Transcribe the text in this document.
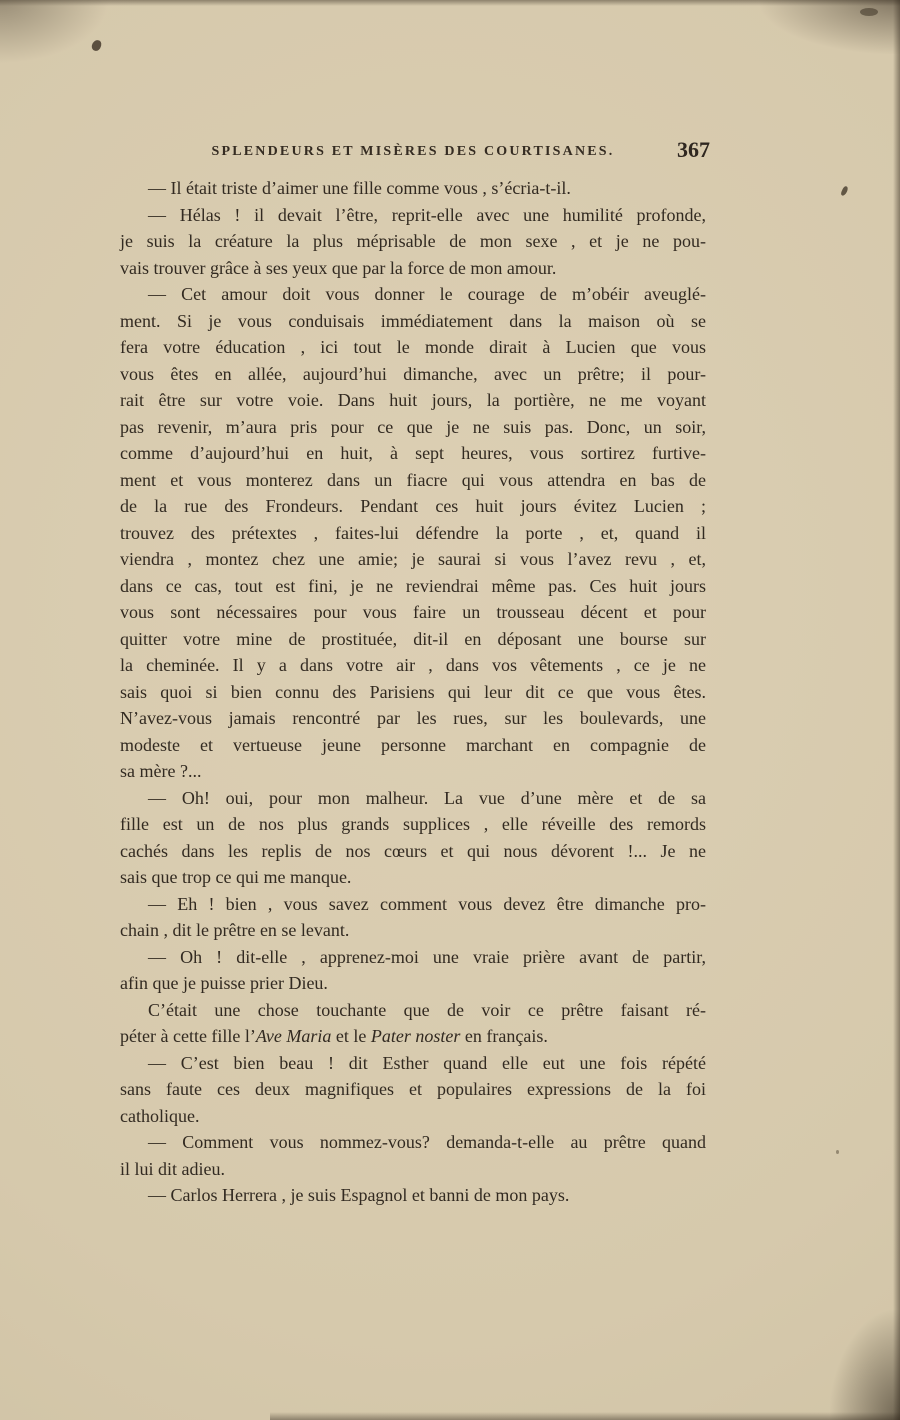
SPLENDEURS ET MISÈRES DES COURTISANES.	367
— Il était triste d’aimer une fille comme vous , s’écria-t-il.
— Hélas ! il devait l’être, reprit-elle avec une humilité profonde,
je suis la créature la plus méprisable de mon sexe , et je ne pou-
vais trouver grâce à ses yeux que par la force de mon amour.
— Cet amour doit vous donner le courage de m’obéir aveuglé-
ment. Si je vous conduisais immédiatement dans la maison où se
fera votre éducation , ici tout le monde dirait à Lucien que vous
vous êtes en allée, aujourd’hui dimanche, avec un prêtre; il pour-
rait être sur votre voie. Dans huit jours, la portière, ne me voyant
pas revenir, m’aura pris pour ce que je ne suis pas. Donc, un soir,
comme d’aujourd’hui en huit, à sept heures, vous sortirez furtive-
ment et vous monterez dans un fiacre qui vous attendra en bas de
de la rue des Frondeurs. Pendant ces huit jours évitez Lucien ;
trouvez des prétextes , faites-lui défendre la porte , et, quand il
viendra , montez chez une amie; je saurai si vous l’avez revu , et,
dans ce cas, tout est fini, je ne reviendrai même pas. Ces huit jours
vous sont nécessaires pour vous faire un trousseau décent et pour
quitter votre mine de prostituée, dit-il en déposant une bourse sur
la cheminée. Il y a dans votre air , dans vos vêtements , ce je ne
sais quoi si bien connu des Parisiens qui leur dit ce que vous êtes.
N’avez-vous jamais rencontré par les rues, sur les boulevards, une
modeste et vertueuse jeune personne marchant en compagnie de
sa mère ?...
— Oh! oui, pour mon malheur. La vue d’une mère et de sa
fille est un de nos plus grands supplices , elle réveille des remords
cachés dans les replis de nos cœurs et qui nous dévorent !... Je ne
sais que trop ce qui me manque.
— Eh ! bien , vous savez comment vous devez être dimanche pro-
chain , dit le prêtre en se levant.
— Oh ! dit-elle , apprenez-moi une vraie prière avant de partir,
afin que je puisse prier Dieu.
C’était une chose touchante que de voir ce prêtre faisant ré-
péter à cette fille l’Ave Maria et le Pater noster en français.
— C’est bien beau ! dit Esther quand elle eut une fois répété
sans faute ces deux magnifiques et populaires expressions de la foi
catholique.
— Comment vous nommez-vous? demanda-t-elle au prêtre quand
il lui dit adieu.
— Carlos Herrera , je suis Espagnol et banni de mon pays.
